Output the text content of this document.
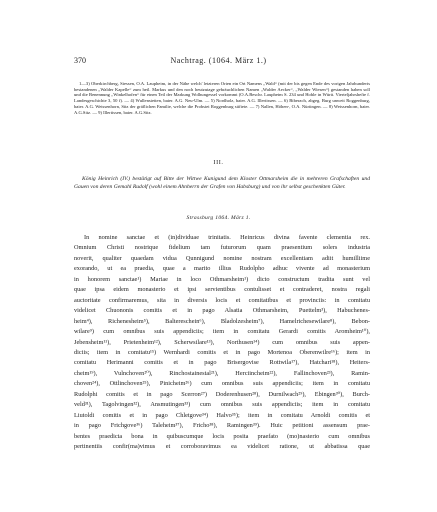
370	Nachtrag. (1064. März 1.)

1—3) Oberkirchberg, Siessen, O.A. Laupheim, in der Nähe welch' letzteren Orten ein Ort Namens „Wald“ (mit der bis gegen Ende des vorigen Jahrhunderts bestandenen „Walder Kapelle“ zum heil. Markus und den noch heutzutage gebräuchlichen Namen „Walder Aecker“, „Walder Wiesen“) gestanden haben soll und die Benennung „Winkelhofen“ für einen Teil der Markung Wolhungessel vorkommt (O.A.Beschr. Laupheim S. 234 und Hoble in Württ. Vierteljahrshefte f. Landesgeschichte 3, 50 f). — 4) Wullenstetten, baier. A.G. Neu-Ulm. — 5) Nordholz, baier. A.G. Illertissen. — 6) Biberach, abgeg. Burg unweit Roggenburg, baier. A.G. Weissenhorn, Sitz der gräflichen Familie, welche die Probstei Roggenburg stiftete. — 7) Nallen, Höhen-, O.A. Nürtingen. — 8) Weissenhorn, baier. A.G.Sitz. — 9) Illertissen, baier. A.G.Sitz.

III.

König Heinrich (IV.) bestätigt auf Bitte der Wittwe Kunigund dem Kloster Ottmarsheim die in mehreren Grafschaften und Gauen von deren Gemahl Rudolf (wohl einem Ahnherrn der Grafen von Habsburg) und von ihr selbst geschenkten Güter.

Strassburg 1064. März 1.
In nomine sanctae et (in)dividuae trinitatis. Heinricus divina favente clementia rex.
Omnium Christi nostrique fidelium tam futurorum quam praesentium solers industria
noverit, qualiter quaedam vidua Qunnigund nomine nostram excellentiam adiit humilliime
exorando, ut ea praedia, quae a marito illius Rudolpho adhuc vivente ad monasterium
in honorem sanctae¹) Mariae in loco Othmarsheim¹) dicto constructum tradita sunt vel
quae ipsa eidem monasterio et ipsi servientibus contulisset et contraderet, nostra regali
auctoritate confirmaremus, sita in diversis locis et comitatibus et provinciis: in comitatu
videlicet Chuononis comitis et in pago Alsatia Othmarsheim, Puettelm³), Habuchenes-
heim⁴), Richenesheim⁵), Baltereschein⁶), Bladolzesheim⁷), Hamelrichesewilare⁸), Bebon-
wilare⁹) cum omnibus suis appendiciis; item in comitatu Gerardi comitis Aromheim¹⁰),
Jebensheim¹¹), Prietenheim¹²), Scherwsilare¹³), Northusen¹⁴) cum omnibus suis appen-
diciis; item in comitatu¹⁵) Wernhardi comitis et in pago Mortenoa Oberenwilre¹⁶); item in
comitatu Herimanni comitis et in pago Brisergovise Rottwila¹⁷), Hatchari¹⁸), Heiters-
cheim¹⁹), Vulnchoven²⁰), Rinchostainestal²¹), Herciincheim²²), Fallinchoven²³), Ramin-
choven²⁴), Ottlinchoven²⁵), Pinicheim²⁶) cum omnibus suis appendiciis; item in comitatu
Rudolphi comitis et in pago Scerron²⁷) Doderenhusen²⁸), Durnilwach²⁹), Ebingen³⁰), Burch-
veld³¹), Tagolvingen³²), Ansmutingen³³) cum omnibus suis appendiciis; item in comitatu
Liutoldi comitis et in pago Chletgove³⁴) Halvo³⁵); item in comitatu Arnoldi comitis et
in pago Frichgove³⁶) Taleheim³⁷), Fricho³⁸), Ramingen³⁹). Huic petitioni assensum prae-
bentes praedicta bona in quibuscumque locis posita praefato (mo)nasterio cum omnibus
pertinentiis confir(ma)vimus et corroboravimus ea videlicet ratione, ut abbatissa quae
